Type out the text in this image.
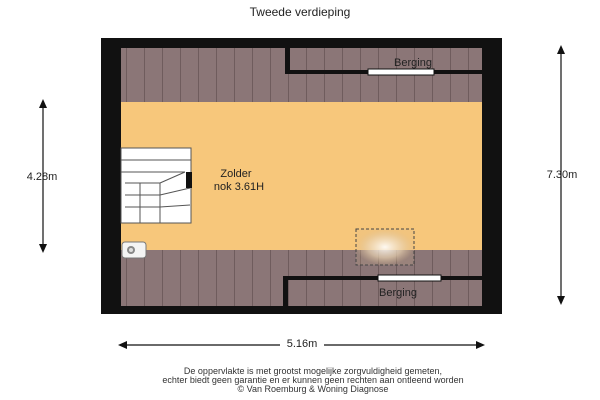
Tweede verdieping
Zolder
nok 3.61H
Berging
Berging
4.28m	7.30m
5.16m
De oppervlakte is met grootst mogelijke zorgvuldigheid gemeten,
echter biedt geen garantie en er kunnen geen rechten aan ontleend worden
© Van Roemburg & Woning Diagnose
